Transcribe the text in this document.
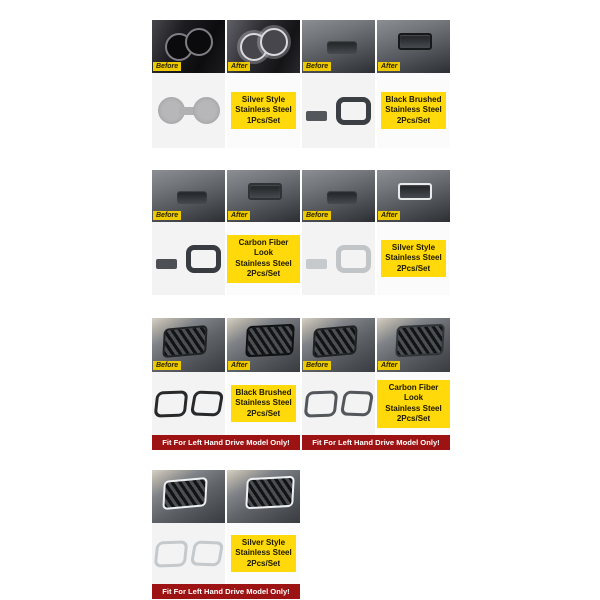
Before	After
Silver Style
Stainless Steel
1Pcs/Set
Before	After
Black Brushed
Stainless Steel
2Pcs/Set
Before	After
Carbon Fiber Look
Stainless Steel
2Pcs/Set
Before	After
Silver Style
Stainless Steel
2Pcs/Set
Before	After
Black Brushed
Stainless Steel
2Pcs/Set
Fit For Left Hand Drive Model Only!
Before	After
Carbon Fiber Look
Stainless Steel
2Pcs/Set
Fit For Left Hand Drive Model Only!
Silver Style
Stainless Steel
2Pcs/Set
Fit For Left Hand Drive Model Only!
